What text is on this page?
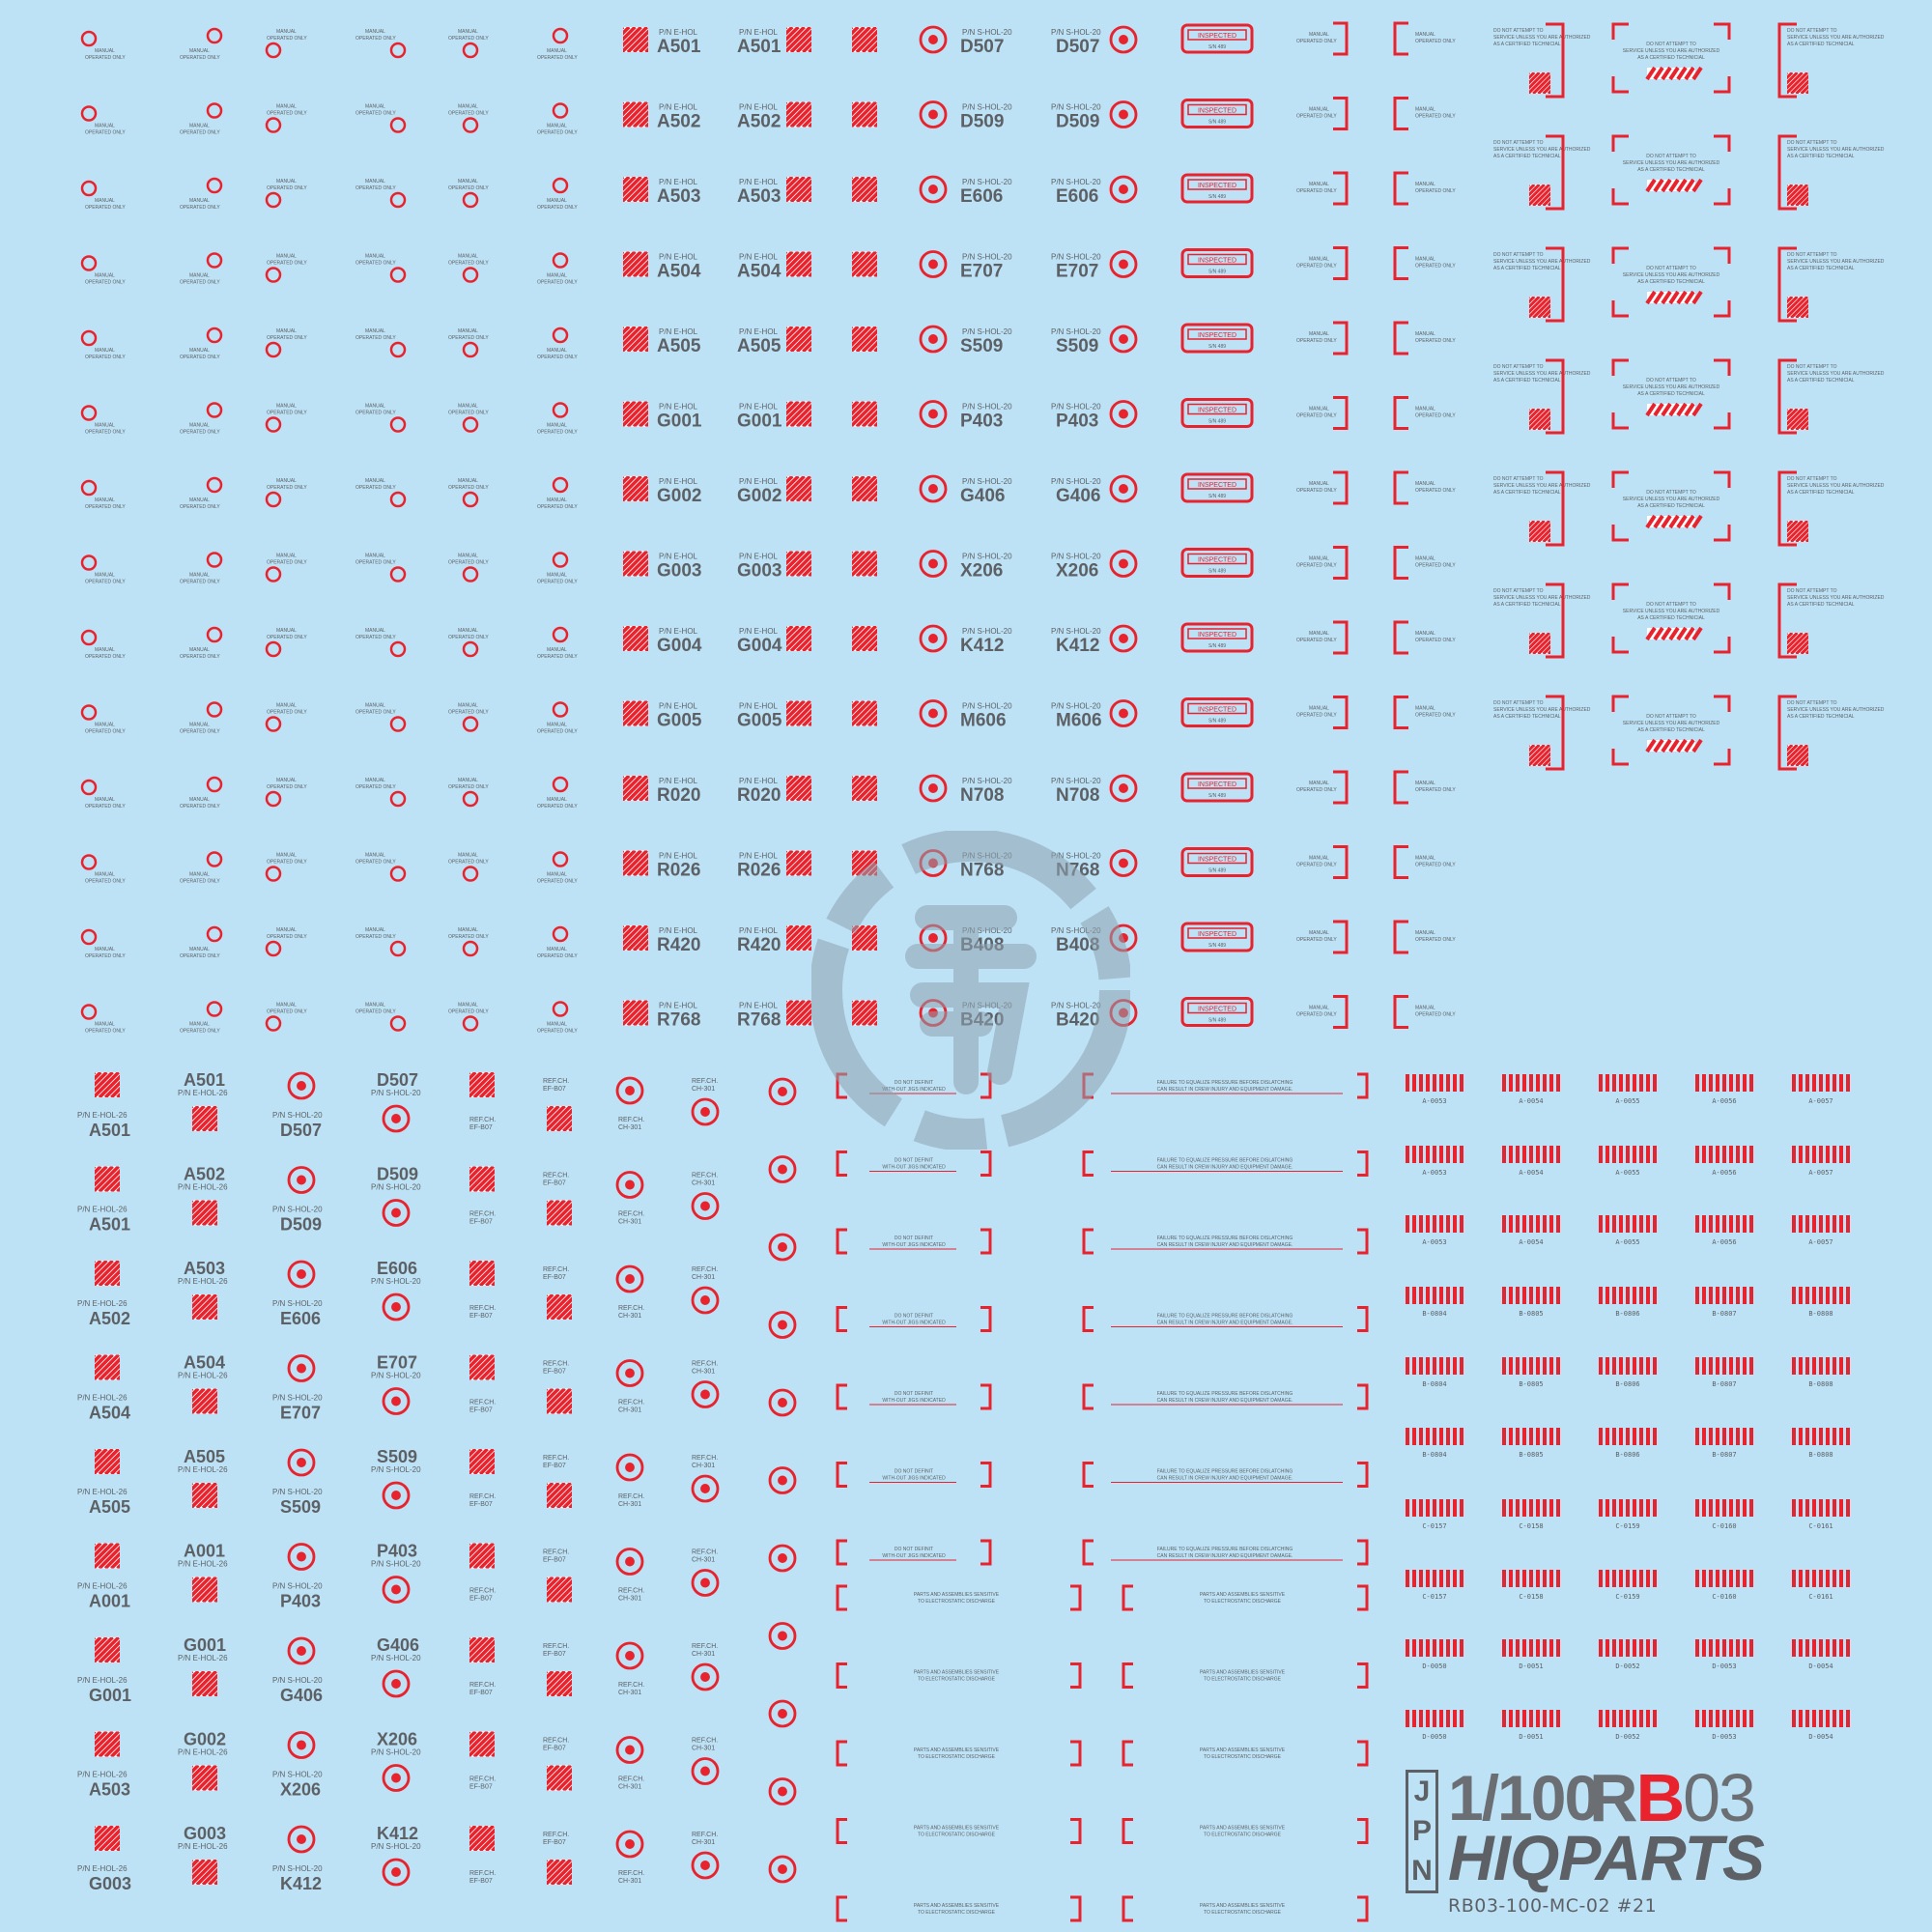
MANUAL
OPERATED ONLY
MANUAL
OPERATED ONLY
MANUAL
OPERATED ONLY
MANUAL
OPERATED ONLY
MANUAL
OPERATED ONLY
MANUAL
OPERATED ONLY
P/N E-HOL
A501
P/N E-HOL
A501
P/N S-HOL-20
D507
P/N S-HOL-20
D507
INSPECTED
S/N 489
MANUAL
OPERATED ONLY
MANUAL
OPERATED ONLY
MANUAL
OPERATED ONLY
MANUAL
OPERATED ONLY
MANUAL
OPERATED ONLY
MANUAL
OPERATED ONLY
MANUAL
OPERATED ONLY
MANUAL
OPERATED ONLY
P/N E-HOL
A502
P/N E-HOL
A502
P/N S-HOL-20
D509
P/N S-HOL-20
D509
INSPECTED
S/N 489
MANUAL
OPERATED ONLY
MANUAL
OPERATED ONLY
MANUAL
OPERATED ONLY
MANUAL
OPERATED ONLY
MANUAL
OPERATED ONLY
MANUAL
OPERATED ONLY
MANUAL
OPERATED ONLY
MANUAL
OPERATED ONLY
P/N E-HOL
A503
P/N E-HOL
A503
P/N S-HOL-20
E606
P/N S-HOL-20
E606
INSPECTED
S/N 489
MANUAL
OPERATED ONLY
MANUAL
OPERATED ONLY
MANUAL
OPERATED ONLY
MANUAL
OPERATED ONLY
MANUAL
OPERATED ONLY
MANUAL
OPERATED ONLY
MANUAL
OPERATED ONLY
MANUAL
OPERATED ONLY
P/N E-HOL
A504
P/N E-HOL
A504
P/N S-HOL-20
E707
P/N S-HOL-20
E707
INSPECTED
S/N 489
MANUAL
OPERATED ONLY
MANUAL
OPERATED ONLY
MANUAL
OPERATED ONLY
MANUAL
OPERATED ONLY
MANUAL
OPERATED ONLY
MANUAL
OPERATED ONLY
MANUAL
OPERATED ONLY
MANUAL
OPERATED ONLY
P/N E-HOL
A505
P/N E-HOL
A505
P/N S-HOL-20
S509
P/N S-HOL-20
S509
INSPECTED
S/N 489
MANUAL
OPERATED ONLY
MANUAL
OPERATED ONLY
MANUAL
OPERATED ONLY
MANUAL
OPERATED ONLY
MANUAL
OPERATED ONLY
MANUAL
OPERATED ONLY
MANUAL
OPERATED ONLY
MANUAL
OPERATED ONLY
P/N E-HOL
G001
P/N E-HOL
G001
P/N S-HOL-20
P403
P/N S-HOL-20
P403
INSPECTED
S/N 489
MANUAL
OPERATED ONLY
MANUAL
OPERATED ONLY
MANUAL
OPERATED ONLY
MANUAL
OPERATED ONLY
MANUAL
OPERATED ONLY
MANUAL
OPERATED ONLY
MANUAL
OPERATED ONLY
MANUAL
OPERATED ONLY
P/N E-HOL
G002
P/N E-HOL
G002
P/N S-HOL-20
G406
P/N S-HOL-20
G406
INSPECTED
S/N 489
MANUAL
OPERATED ONLY
MANUAL
OPERATED ONLY
MANUAL
OPERATED ONLY
MANUAL
OPERATED ONLY
MANUAL
OPERATED ONLY
MANUAL
OPERATED ONLY
MANUAL
OPERATED ONLY
MANUAL
OPERATED ONLY
P/N E-HOL
G003
P/N E-HOL
G003
P/N S-HOL-20
X206
P/N S-HOL-20
X206
INSPECTED
S/N 489
MANUAL
OPERATED ONLY
MANUAL
OPERATED ONLY
MANUAL
OPERATED ONLY
MANUAL
OPERATED ONLY
MANUAL
OPERATED ONLY
MANUAL
OPERATED ONLY
MANUAL
OPERATED ONLY
MANUAL
OPERATED ONLY
P/N E-HOL
G004
P/N E-HOL
G004
P/N S-HOL-20
K412
P/N S-HOL-20
K412
INSPECTED
S/N 489
MANUAL
OPERATED ONLY
MANUAL
OPERATED ONLY
MANUAL
OPERATED ONLY
MANUAL
OPERATED ONLY
MANUAL
OPERATED ONLY
MANUAL
OPERATED ONLY
MANUAL
OPERATED ONLY
MANUAL
OPERATED ONLY
P/N E-HOL
G005
P/N E-HOL
G005
P/N S-HOL-20
M606
P/N S-HOL-20
M606
INSPECTED
S/N 489
MANUAL
OPERATED ONLY
MANUAL
OPERATED ONLY
MANUAL
OPERATED ONLY
MANUAL
OPERATED ONLY
MANUAL
OPERATED ONLY
MANUAL
OPERATED ONLY
MANUAL
OPERATED ONLY
MANUAL
OPERATED ONLY
P/N E-HOL
R020
P/N E-HOL
R020
P/N S-HOL-20
N708
P/N S-HOL-20
N708
INSPECTED
S/N 489
MANUAL
OPERATED ONLY
MANUAL
OPERATED ONLY
MANUAL
OPERATED ONLY
MANUAL
OPERATED ONLY
MANUAL
OPERATED ONLY
MANUAL
OPERATED ONLY
MANUAL
OPERATED ONLY
MANUAL
OPERATED ONLY
P/N E-HOL
R026
P/N E-HOL
R026
P/N S-HOL-20
N768
P/N S-HOL-20
N768
INSPECTED
S/N 489
MANUAL
OPERATED ONLY
MANUAL
OPERATED ONLY
MANUAL
OPERATED ONLY
MANUAL
OPERATED ONLY
MANUAL
OPERATED ONLY
MANUAL
OPERATED ONLY
MANUAL
OPERATED ONLY
MANUAL
OPERATED ONLY
P/N E-HOL
R420
P/N E-HOL
R420
P/N S-HOL-20
B408
P/N S-HOL-20
B408
INSPECTED
S/N 489
MANUAL
OPERATED ONLY
MANUAL
OPERATED ONLY
MANUAL
OPERATED ONLY
MANUAL
OPERATED ONLY
MANUAL
OPERATED ONLY
MANUAL
OPERATED ONLY
MANUAL
OPERATED ONLY
MANUAL
OPERATED ONLY
P/N E-HOL
R768
P/N E-HOL
R768
P/N S-HOL-20
B420
P/N S-HOL-20
B420
INSPECTED
S/N 489
MANUAL
OPERATED ONLY
MANUAL
OPERATED ONLY
DO NOT ATTEMPT TO
SERVICE UNLESS YOU ARE AUTHORIZED
AS A CERTIFIED TECHNICIAL	DO NOT ATTEMPT TO
SERVICE UNLESS YOU ARE AUTHORIZED
AS A CERTIFIED TECHNICIAL
DO NOT ATTEMPT TO
SERVICE UNLESS YOU ARE AUTHORIZED
AS A CERTIFIED TECHNICIAL
DO NOT ATTEMPT TO
SERVICE UNLESS YOU ARE AUTHORIZED
AS A CERTIFIED TECHNICIAL	DO NOT ATTEMPT TO
SERVICE UNLESS YOU ARE AUTHORIZED
AS A CERTIFIED TECHNICIAL
DO NOT ATTEMPT TO
SERVICE UNLESS YOU ARE AUTHORIZED
AS A CERTIFIED TECHNICIAL
DO NOT ATTEMPT TO
SERVICE UNLESS YOU ARE AUTHORIZED
AS A CERTIFIED TECHNICIAL	DO NOT ATTEMPT TO
SERVICE UNLESS YOU ARE AUTHORIZED
AS A CERTIFIED TECHNICIAL
DO NOT ATTEMPT TO
SERVICE UNLESS YOU ARE AUTHORIZED
AS A CERTIFIED TECHNICIAL
DO NOT ATTEMPT TO
SERVICE UNLESS YOU ARE AUTHORIZED
AS A CERTIFIED TECHNICIAL	DO NOT ATTEMPT TO
SERVICE UNLESS YOU ARE AUTHORIZED
AS A CERTIFIED TECHNICIAL
DO NOT ATTEMPT TO
SERVICE UNLESS YOU ARE AUTHORIZED
AS A CERTIFIED TECHNICIAL
DO NOT ATTEMPT TO
SERVICE UNLESS YOU ARE AUTHORIZED
AS A CERTIFIED TECHNICIAL	DO NOT ATTEMPT TO
SERVICE UNLESS YOU ARE AUTHORIZED
AS A CERTIFIED TECHNICIAL
DO NOT ATTEMPT TO
SERVICE UNLESS YOU ARE AUTHORIZED
AS A CERTIFIED TECHNICIAL
DO NOT ATTEMPT TO
SERVICE UNLESS YOU ARE AUTHORIZED
AS A CERTIFIED TECHNICIAL	DO NOT ATTEMPT TO
SERVICE UNLESS YOU ARE AUTHORIZED
AS A CERTIFIED TECHNICIAL
DO NOT ATTEMPT TO
SERVICE UNLESS YOU ARE AUTHORIZED
AS A CERTIFIED TECHNICIAL
DO NOT ATTEMPT TO
SERVICE UNLESS YOU ARE AUTHORIZED
AS A CERTIFIED TECHNICIAL	DO NOT ATTEMPT TO
SERVICE UNLESS YOU ARE AUTHORIZED
AS A CERTIFIED TECHNICIAL
DO NOT ATTEMPT TO
SERVICE UNLESS YOU ARE AUTHORIZED
AS A CERTIFIED TECHNICIAL
P/N E-HOL-26
A501
A501
P/N E-HOL-26
P/N S-HOL-20
D507
D507
P/N S-HOL-20
REF.CH.
EF-B07
REF.CH.
EF-B07
REF.CH.
CH-301
REF.CH.
CH-301
P/N E-HOL-26
A501
A502
P/N E-HOL-26
P/N S-HOL-20
D509
D509
P/N S-HOL-20
REF.CH.
EF-B07
REF.CH.
EF-B07
REF.CH.
CH-301
REF.CH.
CH-301
P/N E-HOL-26
A502
A503
P/N E-HOL-26
P/N S-HOL-20
E606
E606
P/N S-HOL-20
REF.CH.
EF-B07
REF.CH.
EF-B07
REF.CH.
CH-301
REF.CH.
CH-301
P/N E-HOL-26
A504
A504
P/N E-HOL-26
P/N S-HOL-20
E707
E707
P/N S-HOL-20
REF.CH.
EF-B07
REF.CH.
EF-B07
REF.CH.
CH-301
REF.CH.
CH-301
P/N E-HOL-26
A505
A505
P/N E-HOL-26
P/N S-HOL-20
S509
S509
P/N S-HOL-20
REF.CH.
EF-B07
REF.CH.
EF-B07
REF.CH.
CH-301
REF.CH.
CH-301
P/N E-HOL-26
A001
A001
P/N E-HOL-26
P/N S-HOL-20
P403
P403
P/N S-HOL-20
REF.CH.
EF-B07
REF.CH.
EF-B07
REF.CH.
CH-301
REF.CH.
CH-301
P/N E-HOL-26
G001
G001
P/N E-HOL-26
P/N S-HOL-20
G406
G406
P/N S-HOL-20
REF.CH.
EF-B07
REF.CH.
EF-B07
REF.CH.
CH-301
REF.CH.
CH-301
P/N E-HOL-26
A503
G002
P/N E-HOL-26
P/N S-HOL-20
X206
X206
P/N S-HOL-20
REF.CH.
EF-B07
REF.CH.
EF-B07
REF.CH.
CH-301
REF.CH.
CH-301
P/N E-HOL-26
G003
G003
P/N E-HOL-26
P/N S-HOL-20
K412
K412
P/N S-HOL-20
REF.CH.
EF-B07
REF.CH.
EF-B07
REF.CH.
CH-301
REF.CH.
CH-301
DO NOT DEFINIT
WITH-OUT JIGS INDICATED
FAILURE TO EQUALIZE PRESSURE BEFORE DISLATCHING
CAN RESULT IN CREW INJURY AND EQUIPMENT DAMAGE.
DO NOT DEFINIT
WITH-OUT JIGS INDICATED
FAILURE TO EQUALIZE PRESSURE BEFORE DISLATCHING
CAN RESULT IN CREW INJURY AND EQUIPMENT DAMAGE.
DO NOT DEFINIT
WITH-OUT JIGS INDICATED
FAILURE TO EQUALIZE PRESSURE BEFORE DISLATCHING
CAN RESULT IN CREW INJURY AND EQUIPMENT DAMAGE.
DO NOT DEFINIT
WITH-OUT JIGS INDICATED
FAILURE TO EQUALIZE PRESSURE BEFORE DISLATCHING
CAN RESULT IN CREW INJURY AND EQUIPMENT DAMAGE.
DO NOT DEFINIT
WITH-OUT JIGS INDICATED
FAILURE TO EQUALIZE PRESSURE BEFORE DISLATCHING
CAN RESULT IN CREW INJURY AND EQUIPMENT DAMAGE.
DO NOT DEFINIT
WITH-OUT JIGS INDICATED
FAILURE TO EQUALIZE PRESSURE BEFORE DISLATCHING
CAN RESULT IN CREW INJURY AND EQUIPMENT DAMAGE.
DO NOT DEFINIT
WITH-OUT JIGS INDICATED
FAILURE TO EQUALIZE PRESSURE BEFORE DISLATCHING
CAN RESULT IN CREW INJURY AND EQUIPMENT DAMAGE.
PARTS AND ASSEMBLIES SENSITIVE
TO ELECTROSTATIC DISCHARGE
PARTS AND ASSEMBLIES SENSITIVE
TO ELECTROSTATIC DISCHARGE
PARTS AND ASSEMBLIES SENSITIVE
TO ELECTROSTATIC DISCHARGE
PARTS AND ASSEMBLIES SENSITIVE
TO ELECTROSTATIC DISCHARGE
PARTS AND ASSEMBLIES SENSITIVE
TO ELECTROSTATIC DISCHARGE
PARTS AND ASSEMBLIES SENSITIVE
TO ELECTROSTATIC DISCHARGE
PARTS AND ASSEMBLIES SENSITIVE
TO ELECTROSTATIC DISCHARGE
PARTS AND ASSEMBLIES SENSITIVE
TO ELECTROSTATIC DISCHARGE
PARTS AND ASSEMBLIES SENSITIVE
TO ELECTROSTATIC DISCHARGE
PARTS AND ASSEMBLIES SENSITIVE
TO ELECTROSTATIC DISCHARGE
A-0053	A-0054	A-0055	A-0056	A-0057
A-0053	A-0054	A-0055	A-0056	A-0057
A-0053	A-0054	A-0055	A-0056	A-0057
B-0804	B-0805	B-0806	B-0807	B-0808
B-0804	B-0805	B-0806	B-0807	B-0808
B-0804	B-0805	B-0806	B-0807	B-0808
C-0157	C-0158	C-0159	C-0160	C-0161
C-0157	C-0158	C-0159	C-0160	C-0161
D-0050	D-0051	D-0052	D-0053	D-0054
D-0050	D-0051	D-0052	D-0053	D-0054
J
P
N
1/100
RB03
HIQPARTS
RB03-100-MC-02 #21
